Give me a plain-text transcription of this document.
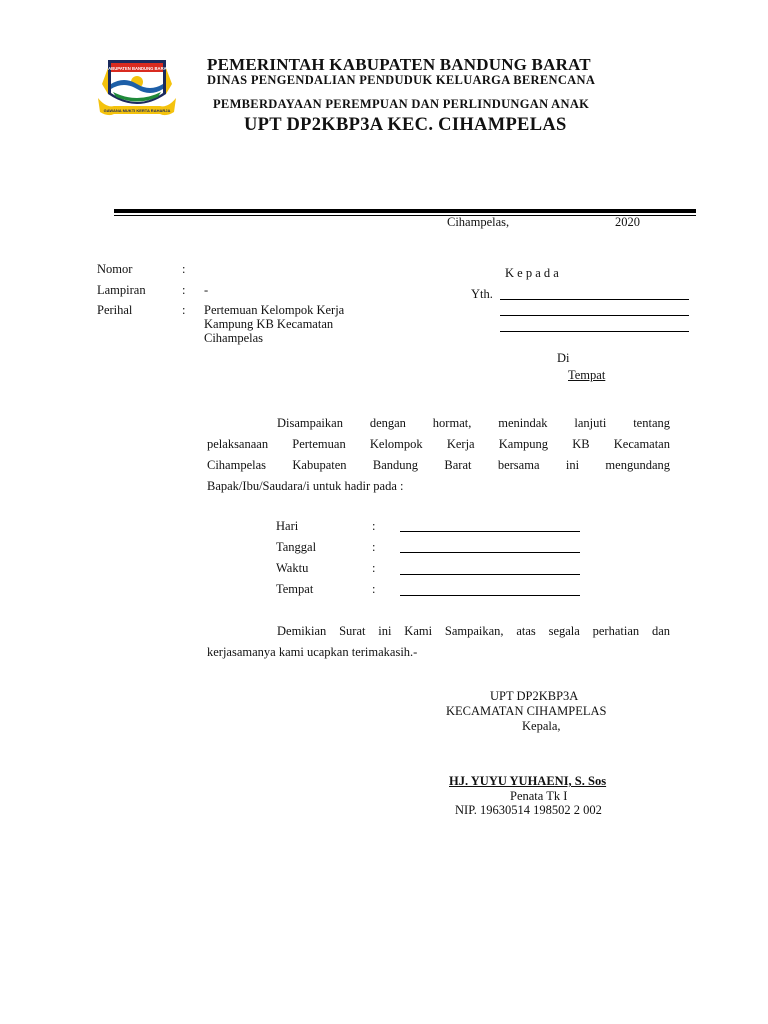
KABUPATEN BANDUNG BARAT
GAWANA MUKTI KERTA RAHARJA
PEMERINTAH KABUPATEN BANDUNG BARAT
DINAS PENGENDALIAN PENDUDUK KELUARGA BERENCANA
PEMBERDAYAAN PEREMPUAN DAN PERLINDUNGAN ANAK
UPT DP2KBP3A KEC. CIHAMPELAS
Cihampelas,	2020
Nomor	:
Lampiran	: -
Perihal	: Pertemuan Kelompok Kerja
Kampung KB Kecamatan
Cihampelas
K e p a d a
Yth.
Di
Tempat
Disampaikan dengan hormat, menindak lanjuti tentang
pelaksanaan Pertemuan Kelompok Kerja Kampung KB Kecamatan
Cihampelas Kabupaten Bandung Barat bersama ini mengundang
Bapak/Ibu/Saudara/i untuk hadir pada :
Hari	:
Tanggal	:
Waktu	:
Tempat	:
Demikian Surat ini Kami Sampaikan, atas segala perhatian dan
kerjasamanya kami ucapkan terimakasih.-
UPT DP2KBP3A
KECAMATAN CIHAMPELAS
Kepala,
HJ. YUYU YUHAENI, S. Sos
Penata Tk I
NIP. 19630514 198502 2 002
